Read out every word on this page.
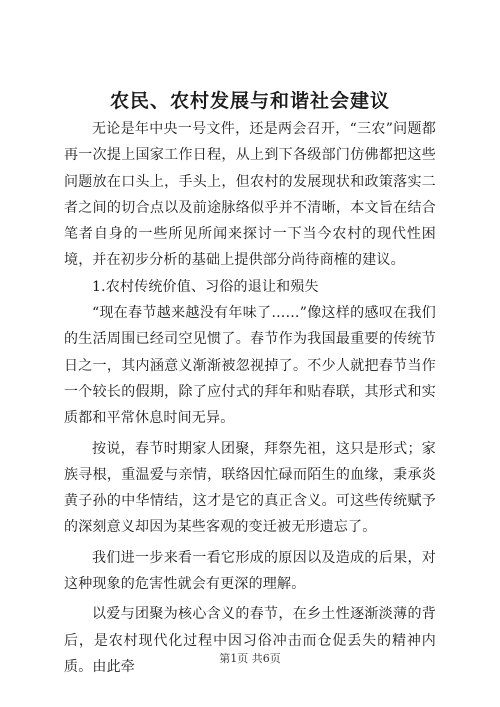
农民、农村发展与和谐社会建议

无论是年中央一号文件，还是两会召开，“三农”问题都再一次提上国家工作日程，从上到下各级部门仿佛都把这些问题放在口头上，手头上，但农村的发展现状和政策落实二者之间的切合点以及前途脉络似乎并不清晰，本文旨在结合笔者自身的一些所见所闻来探讨一下当今农村的现代性困境，并在初步分析的基础上提供部分尚待商榷的建议。

1.农村传统价值、习俗的退让和殒失

“现在春节越来越没有年味了……”像这样的感叹在我们的生活周围已经司空见惯了。春节作为我国最重要的传统节日之一，其内涵意义渐渐被忽视掉了。不少人就把春节当作一个较长的假期，除了应付式的拜年和贴春联，其形式和实质都和平常休息时间无异。

按说，春节时期家人团聚，拜祭先祖，这只是形式；家族寻根，重温爱与亲情，联络因忙碌而陌生的血缘，秉承炎黄子孙的中华情结，这才是它的真正含义。可这些传统赋予的深刻意义却因为某些客观的变迁被无形遗忘了。

我们进一步来看一看它形成的原因以及造成的后果，对这种现象的危害性就会有更深的理解。

以爱与团聚为核心含义的春节，在乡土性逐渐淡薄的背后，是农村现代化过程中因习俗冲击而仓促丢失的精神内质。由此牵

第1页 共6页
